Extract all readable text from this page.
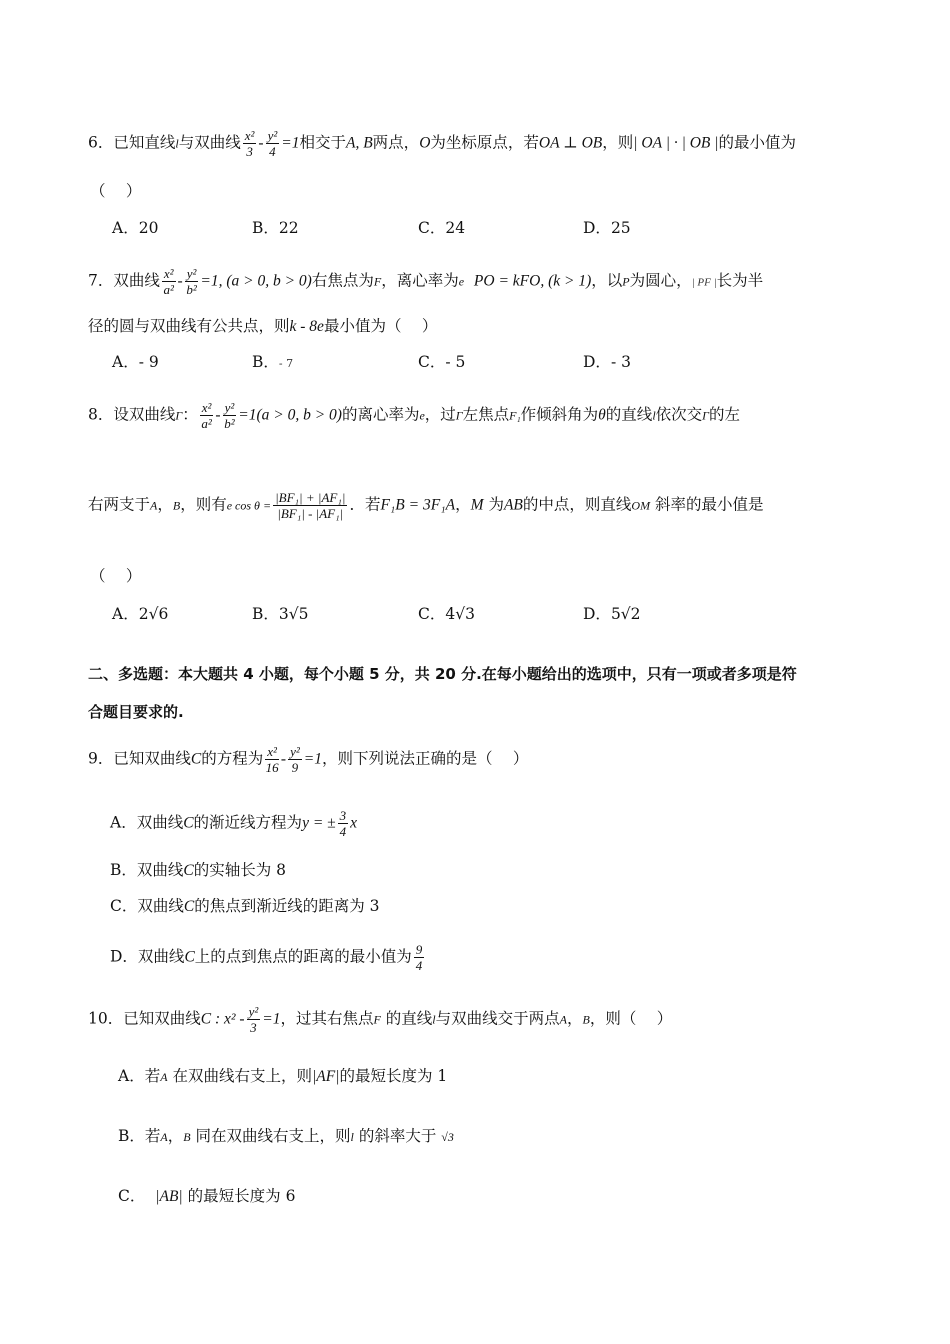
6．已知直线l与双曲线 $\frac{\text{x²}}{3} - \frac{\text{y²}}{4} =1$相交于A, B两点，O为坐标原点，若OA ⊥ OB，则| OA | · | OB |的最小值为
（　 ）
A．20	B．22	C．24	D．25
7．双曲线 $\frac{\text{x²}}{\text{a²}} - \frac{\text{y²}}{\text{b²}} =1$, (a > 0, b > 0)右焦点为F，离心率为e PO = kFO, (k > 1)，以P为圆心，| PF |长为半
径的圆与双曲线有公共点，则k - 8e最小值为（　 ）
A．- 9	B．- 7	C．- 5	D．- 3
8．设双曲线Γ： $\frac{\text{x²}}{\text{a²}} - \frac{\text{y²}}{\text{b²}} =1(a > 0$, b > 0)的离心率为e，过Γ左焦点F₁作倾斜角为θ的直线l依次交Γ的左
右两支于A，B，则有e $\cos \theta = \frac{\text{|BF₁| + |AF₁|}}{\text{|BF₁| - |AF₁|}}$ ．若F₁B = 3F₁A，M 为AB的中点，则直线OM 斜率的最小值是
（　 ）
A．2√6	B．3√5	C．4√3	D．5√2
二、多选题：本大题共 4 小题，每个小题 5 分，共 20 分.在每小题给出的选项中，只有一项或者多项是符
合题目要求的.
9．已知双曲线C的方程为 $\frac{\text{x²}}{16} - \frac{\text{y²}}{9} =1$，则下列说法正确的是（　 ）
A．双曲线C的渐近线方程为y = ± $\frac{3}{4}$ x
B．双曲线C的实轴长为 8
C．双曲线C的焦点到渐近线的距离为 3
D．双曲线C上的点到焦点的距离的最小值为 $\frac{9}{4}$
10．已知双曲线C : $x^2 - \frac{\text{y²}}{3} =1$，过其右焦点F 的直线l与双曲线交于两点A，B，则（　 ）
A．若A 在双曲线右支上，则|AF|的最短长度为 1
B．若A，B 同在双曲线右支上，则l 的斜率大于 √3
C． |AB| 的最短长度为 6
